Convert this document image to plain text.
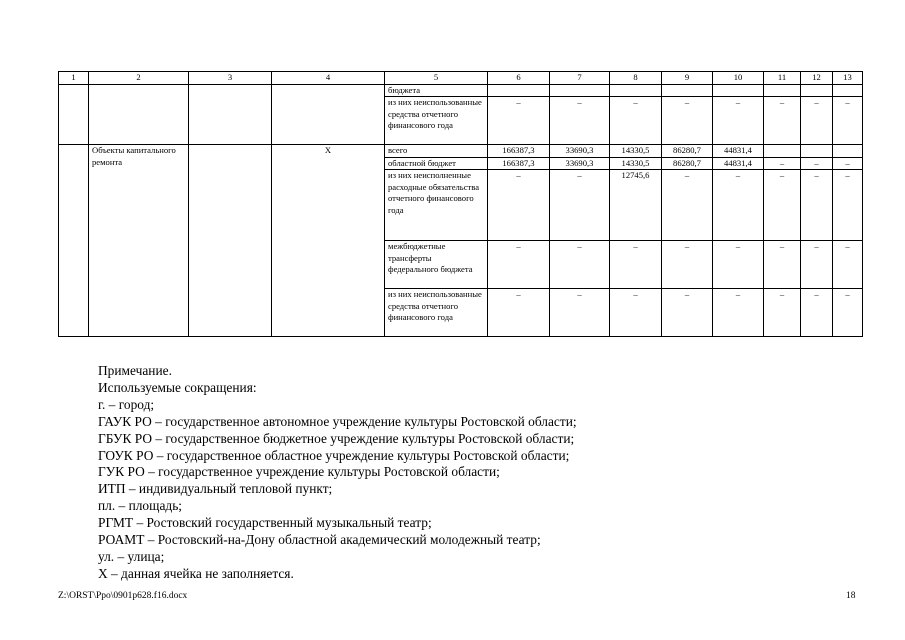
1	2	3	4	5	6	7	8	9	10	11	12	13
				бюджета								
				из них неиспользованные средства отчетного финансового года	–	–	–	–	–	–	–	–
	Объекты капитального ремонта		Х	всего	166387,3	33690,3	14330,5	86280,7	44831,4			
				областной бюджет	166387,3	33690,3	14330,5	86280,7	44831,4	–	–	–
				из них неисполненные расходные обязательства отчетного финансового года	–	–	12745,6	–	–	–	–	–
				межбюджетные трансферты федерального бюджета	–	–	–	–	–	–	–	–
				из них неиспользованные средства отчетного финансового года	–	–	–	–	–	–	–	–
Примечание.
Используемые сокращения:
г. – город;
ГАУК РО – государственное автономное учреждение культуры Ростовской области;
ГБУК РО – государственное бюджетное учреждение культуры Ростовской области;
ГОУК РО – государственное областное учреждение культуры Ростовской области;
ГУК РО – государственное учреждение культуры Ростовской области;
ИТП – индивидуальный тепловой пункт;
пл. – площадь;
РГМТ – Ростовский государственный музыкальный театр;
РОАМТ – Ростовский-на-Дону областной академический молодежный театр;
ул. – улица;
Х – данная ячейка не заполняется.
Z:\ORST\Ppo\0901p628.f16.docx	18
